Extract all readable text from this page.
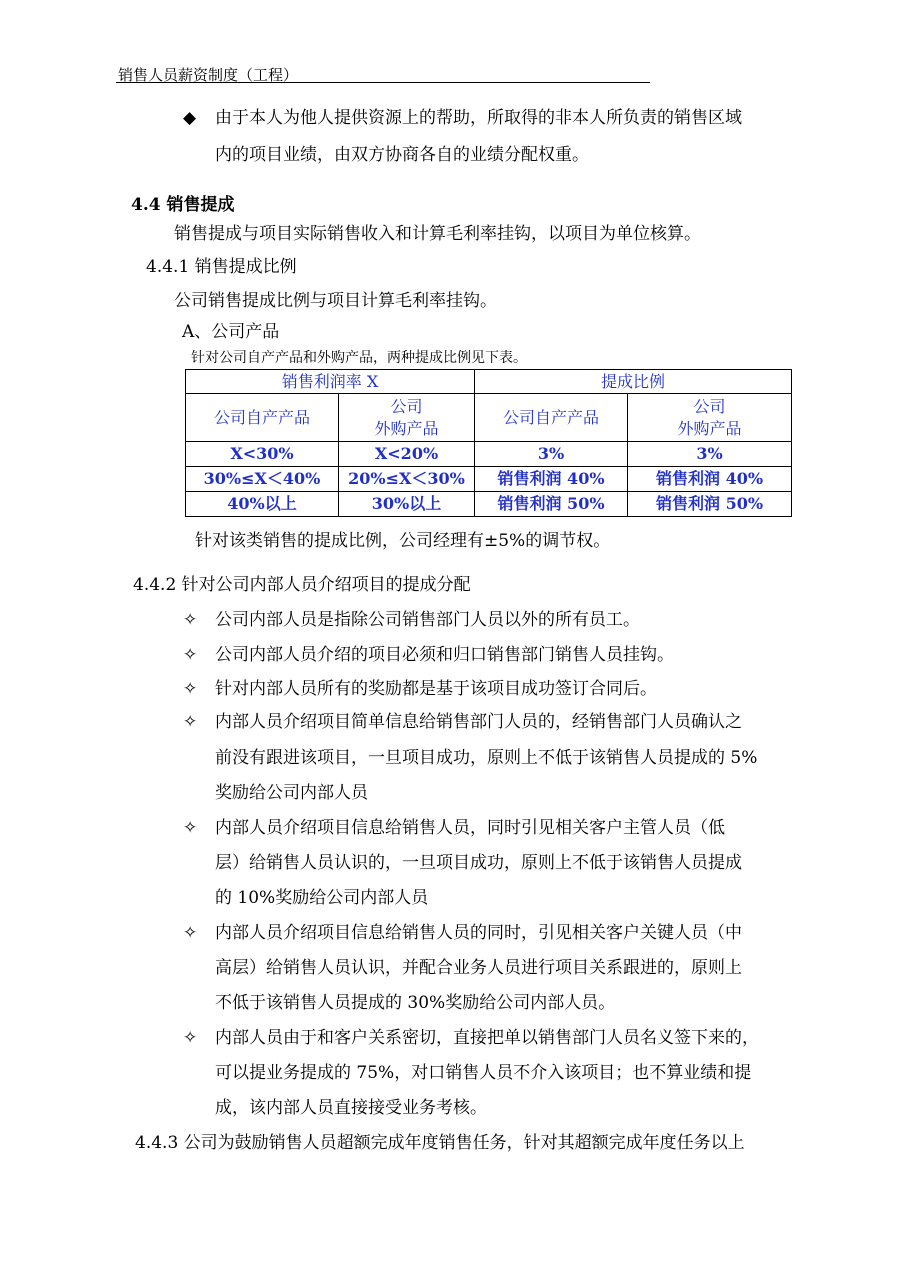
销售人员薪资制度（工程）
◆ 由于本人为他人提供资源上的帮助，所取得的非本人所负责的销售区域
内的项目业绩，由双方协商各自的业绩分配权重。
4.4 销售提成
销售提成与项目实际销售收入和计算毛利率挂钩，以项目为单位核算。
4.4.1 销售提成比例
公司销售提成比例与项目计算毛利率挂钩。
A、公司产品
针对公司自产产品和外购产品，两种提成比例见下表。
销售利润率 X		提成比例	
公司自产产品	公司
外购产品	公司自产产品	公司
外购产品
X<30%	X<20%	3%	3%
30%≤X＜40%	20%≤X＜30%	销售利润 40%	销售利润 40%
40%以上	30%以上	销售利润 50%	销售利润 50%
针对该类销售的提成比例，公司经理有±5%的调节权。
4.4.2 针对公司内部人员介绍项目的提成分配
✧ 公司内部人员是指除公司销售部门人员以外的所有员工。
✧ 公司内部人员介绍的项目必须和归口销售部门销售人员挂钩。
✧ 针对内部人员所有的奖励都是基于该项目成功签订合同后。
✧ 内部人员介绍项目简单信息给销售部门人员的，经销售部门人员确认之
前没有跟进该项目，一旦项目成功，原则上不低于该销售人员提成的 5%
奖励给公司内部人员
✧ 内部人员介绍项目信息给销售人员，同时引见相关客户主管人员（低
层）给销售人员认识的，一旦项目成功，原则上不低于该销售人员提成
的 10%奖励给公司内部人员
✧ 内部人员介绍项目信息给销售人员的同时，引见相关客户关键人员（中
高层）给销售人员认识，并配合业务人员进行项目关系跟进的，原则上
不低于该销售人员提成的 30%奖励给公司内部人员。
✧ 内部人员由于和客户关系密切，直接把单以销售部门人员名义签下来的，
可以提业务提成的 75%，对口销售人员不介入该项目；也不算业绩和提
成，该内部人员直接接受业务考核。
4.4.3 公司为鼓励销售人员超额完成年度销售任务，针对其超额完成年度任务以上
